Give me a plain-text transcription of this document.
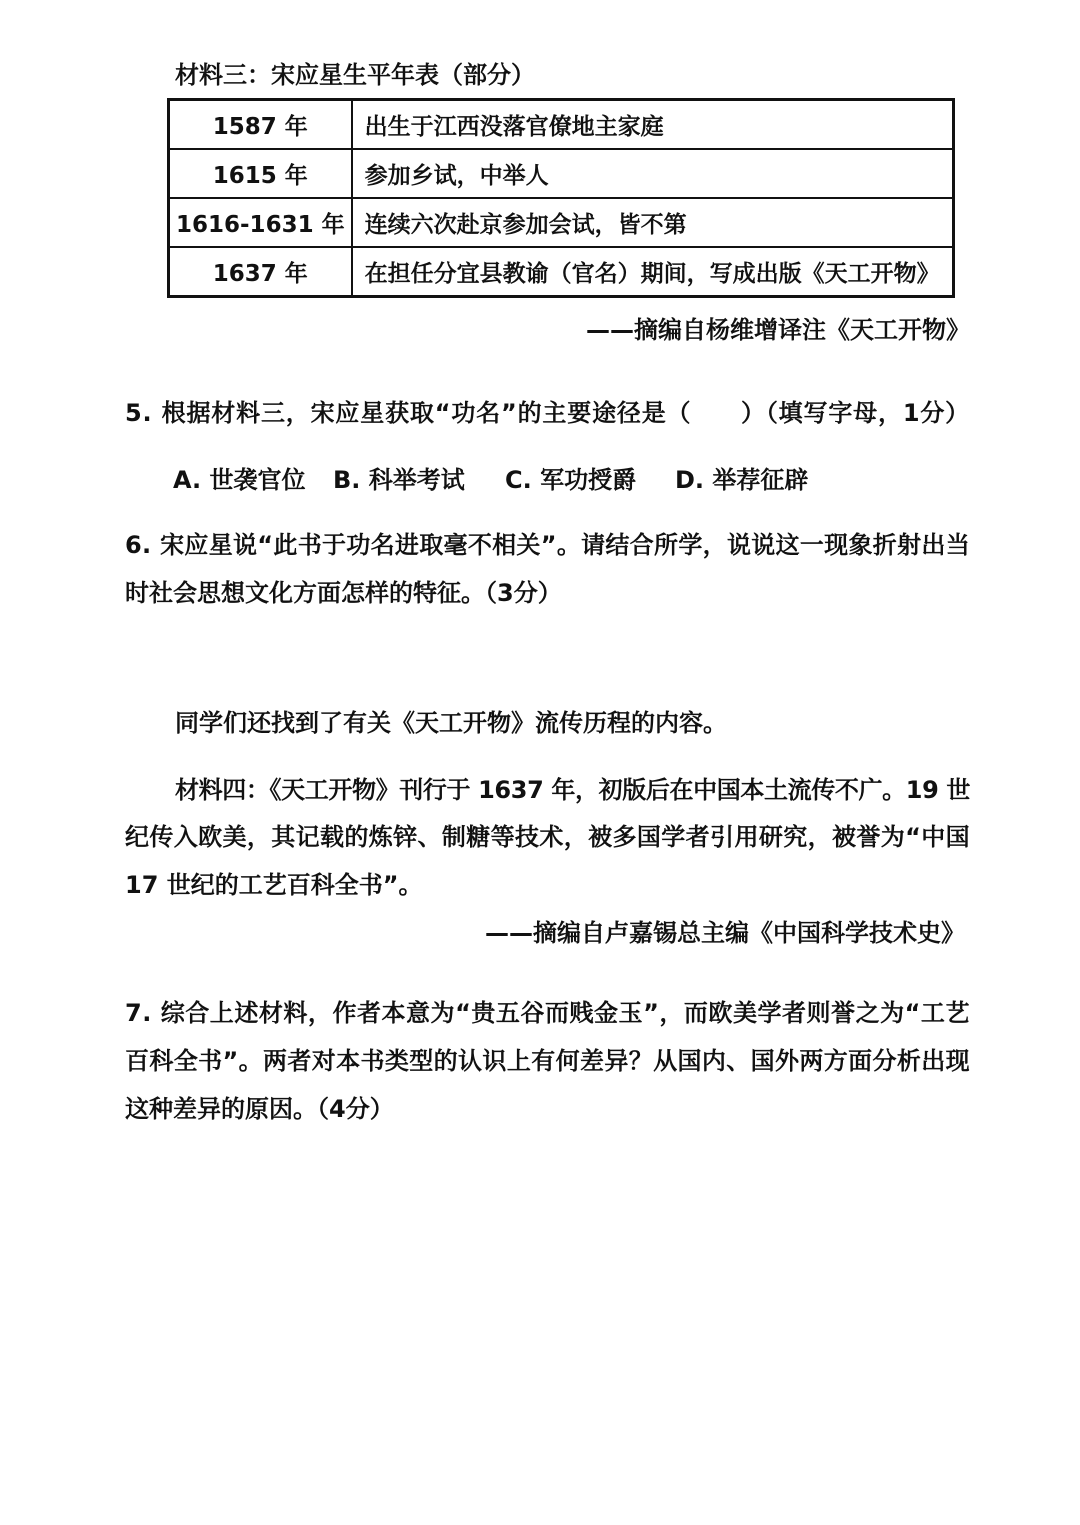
材料三：宋应星生平年表（部分）
1587 年	出生于江西没落官僚地主家庭
1615 年	参加乡试，中举人
1616-1631 年	连续六次赴京参加会试，皆不第
1637 年	在担任分宜县教谕（官名）期间，写成出版《天工开物》
——摘编自杨维增译注《天工开物》
5. 根据材料三，宋应星获取“功名”的主要途径是（　　）（填写字母，1分）
A. 世袭官位 B. 科举考试 C. 军功授爵 D. 举荐征辟
6. 宋应星说“此书于功名进取毫不相关”。请结合所学，说说这一现象折射出当
时社会思想文化方面怎样的特征。（3分）
同学们还找到了有关《天工开物》流传历程的内容。
材料四：《天工开物》刊行于 1637 年，初版后在中国本土流传不广。19 世
纪传入欧美，其记载的炼锌、制糖等技术，被多国学者引用研究，被誉为“中国
17 世纪的工艺百科全书”。
——摘编自卢嘉锡总主编《中国科学技术史》
7. 综合上述材料，作者本意为“贵五谷而贱金玉”，而欧美学者则誉之为“工艺
百科全书”。两者对本书类型的认识上有何差异？从国内、国外两方面分析出现
这种差异的原因。（4分）
